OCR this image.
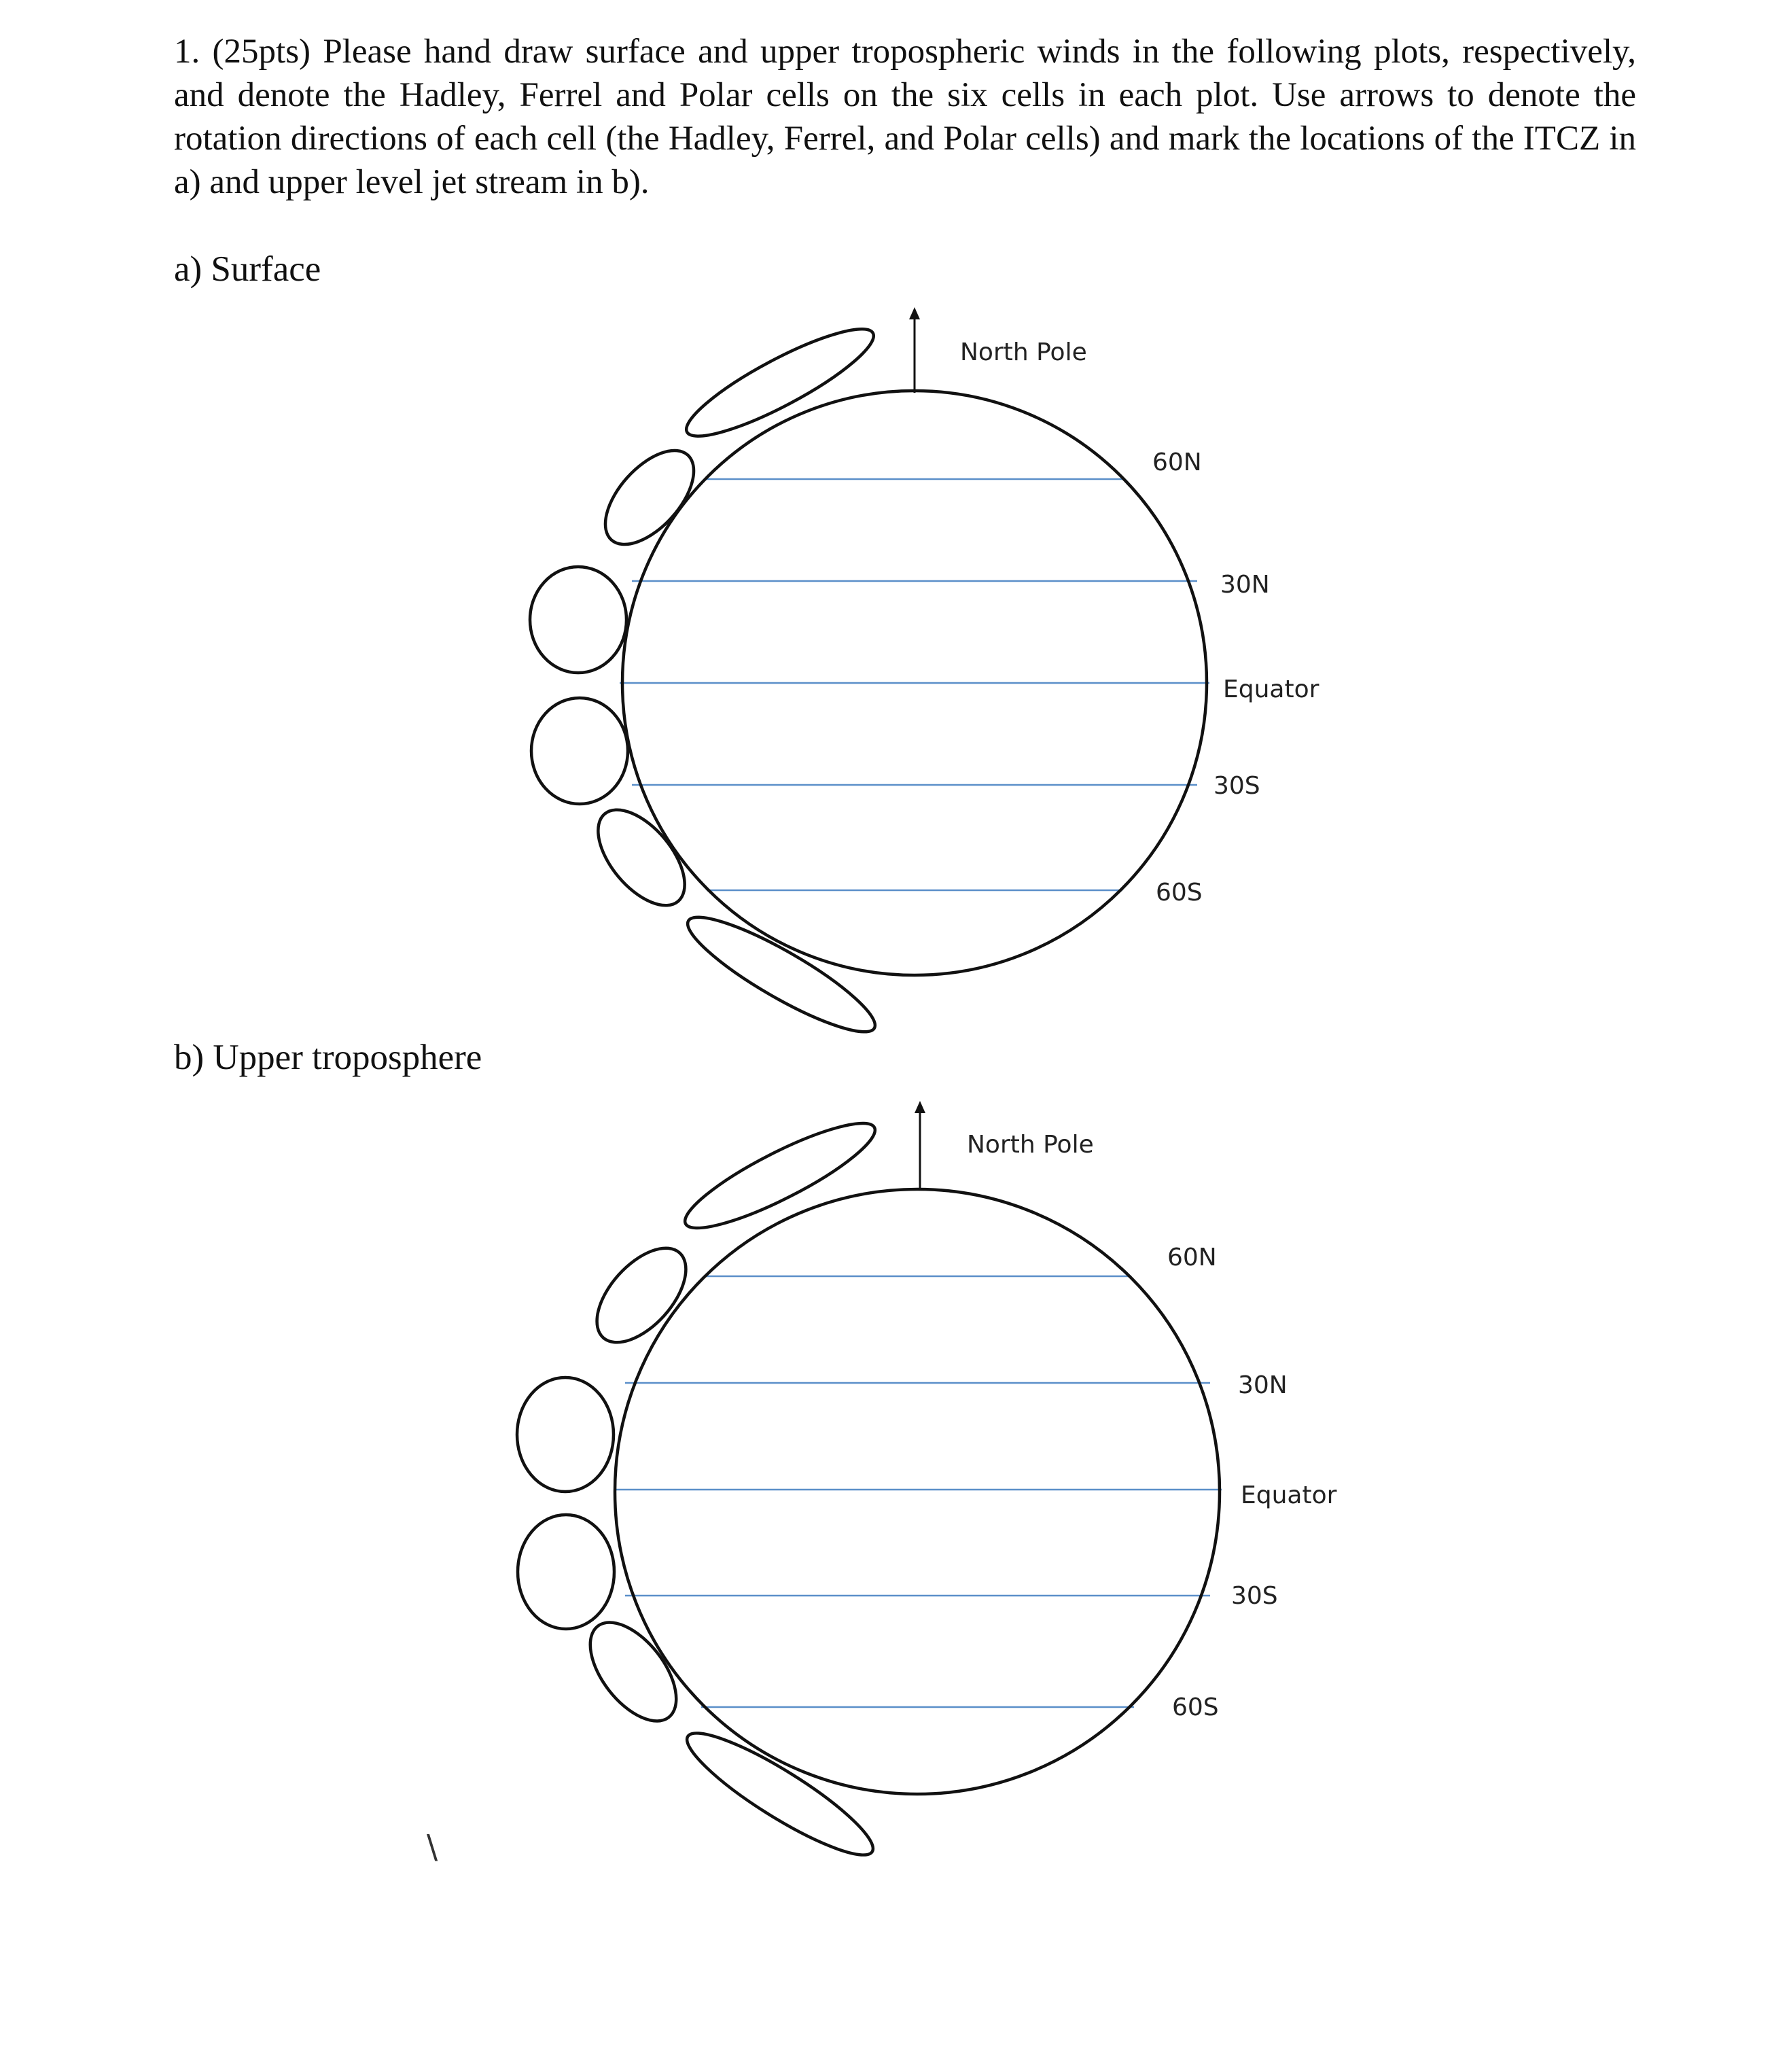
1. (25pts) Please hand draw surface and upper tropospheric winds in the following plots, respectively, and denote the Hadley, Ferrel and Polar cells on the six cells in each plot. Use arrows to denote the rotation directions of each cell (the Hadley, Ferrel, and Polar cells) and mark the locations of the ITCZ in a) and upper level jet stream in b).

a) Surface

North Pole
60N
30N
Equator
30S
60S

b) Upper troposphere

North Pole
60N
30N
Equator
30S
60S
\
